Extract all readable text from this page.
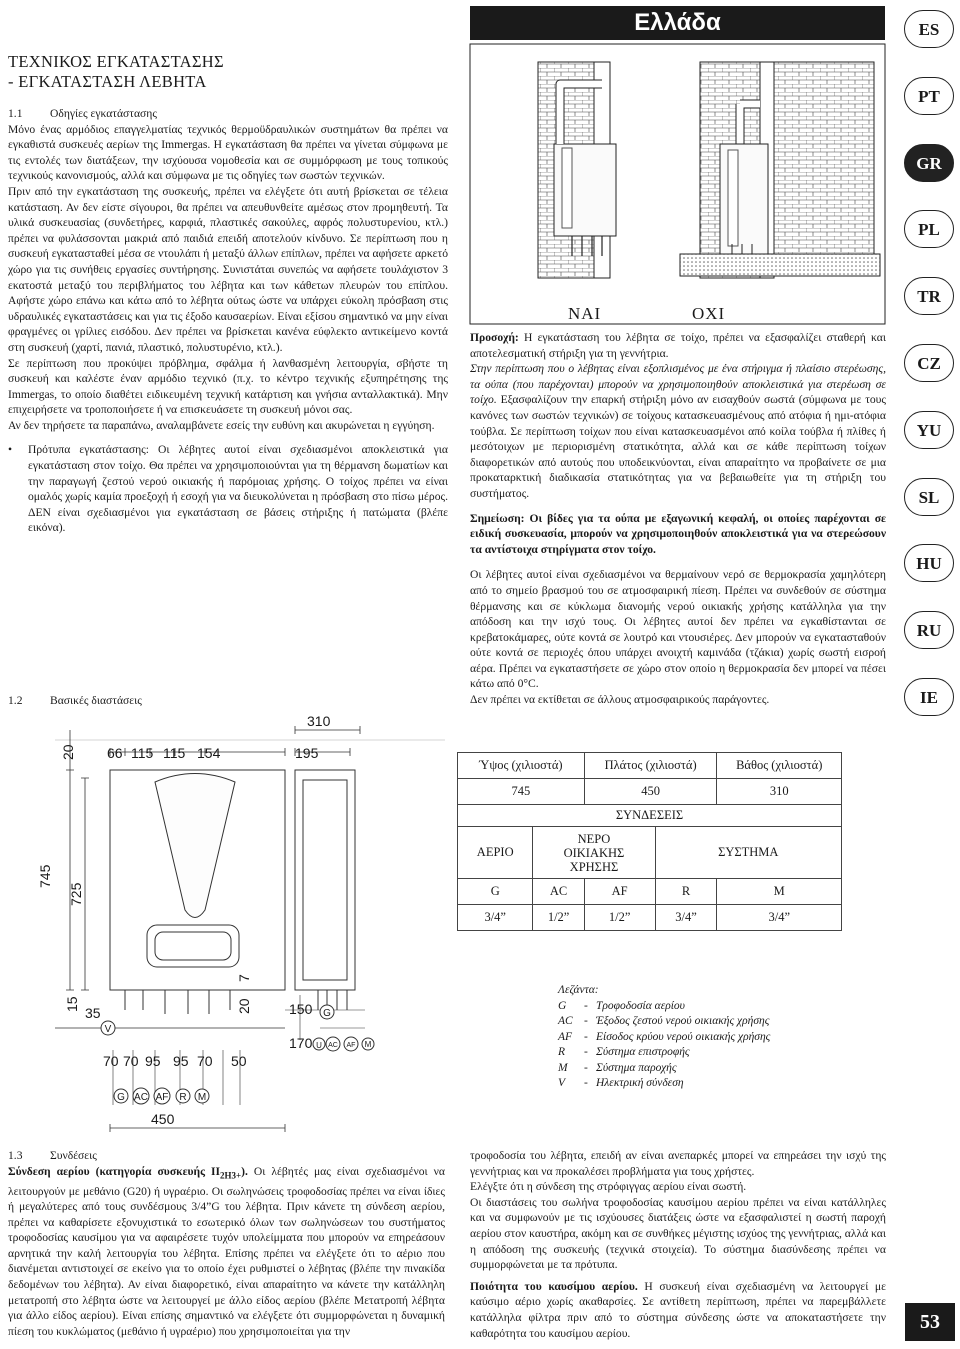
Ελλάδα	ES
PT
GR
PL
TR
CZ
YU
SL
HU
RU
IE
53
ΤΕΧΝΙΚΟΣ ΕΓΚΑΤΑΣΤΑΣΗΣ
- ΕΓΚΑΤΑΣΤΑΣΗ ΛΕΒΗΤΑ

1.1 Οδηγίες εγκατάστασης

Μόνο ένας αρμόδιος επαγγελματίας τεχνικός θερμοϋδραυλικών συστημάτων θα πρέπει να εγκαθιστά συσκευές αερίων της Immergas. Η εγκατάσταση θα πρέπει να γίνεται σύμφωνα με τις εντολές των διατάξεων, την ισχύουσα νομοθεσία και σε συμμόρφωση με τους τοπικούς τεχνικούς κανονισμούς, αλλά και σύμφωνα με τις οδηγίες των σωστών τεχνικών.

Πριν από την εγκατάσταση της συσκευής, πρέπει να ελέγξετε ότι αυτή βρίσκεται σε τέλεια κατάσταση. Αν δεν είστε σίγουροι, θα πρέπει να απευθυνθείτε αμέσως στον προμηθευτή. Τα υλικά συσκευασίας (συνδετήρες, καρφιά, πλαστικές σακούλες, αφρός πολυστυρενίου, κτλ.) πρέπει να φυλάσσονται μακριά από παιδιά επειδή αποτελούν κίνδυνο. Σε περίπτωση που η συσκευή εγκατασταθεί μέσα σε ντουλάπι ή μεταξύ άλλων επίπλων, πρέπει να αφήσετε αρκετό χώρο για τις συνήθεις εργασίες συντήρησης. Συνιστάται συνεπώς να αφήσετε τουλάχιστον 3 εκατοστά μεταξύ του περιβλήματος του λέβητα και των κάθετων πλευρών του επίπλου. Αφήστε χώρο επάνω και κάτω από το λέβητα ούτως ώστε να υπάρχει εύκολη πρόσβαση στις υδραυλικές εγκαταστάσεις και για τις έξοδο καυσαερίων. Είναι εξίσου σημαντικό να μην είναι φραγμένες οι γρίλιες εισόδου. Δεν πρέπει να βρίσκεται κανένα εύφλεκτο αντικείμενο κοντά στη συσκευή (χαρτί, πανιά, πλαστικό, πολυστυρένιο, κτλ.).

Σε περίπτωση που προκύψει πρόβλημα, σφάλμα ή λανθασμένη λειτουργία, σβήστε τη συσκευή και καλέστε έναν αρμόδιο τεχνικό (π.χ. το κέντρο τεχνικής εξυπηρέτησης της Immergas, το οποίο διαθέτει ειδικευμένη τεχνική κατάρτιση και γνήσια ανταλλακτικά). Μην επιχειρήσετε να τροποποιήσετε ή να επισκευάσετε τη συσκευή μόνοι σας.

Αν δεν τηρήσετε τα παραπάνω, αναλαμβάνετε εσείς την ευθύνη και ακυρώνεται η εγγύηση.

• Πρότυπα εγκατάστασης: Οι λέβητες αυτοί είναι σχεδιασμένοι αποκλειστικά για εγκατάσταση στον τοίχο. Θα πρέπει να χρησιμοποιούνται για τη θέρμανση δωματίων και την παραγωγή ζεστού νερού οικιακής ή παρόμοιας χρήσης. Ο τοίχος πρέπει να είναι ομαλός χωρίς καμία προεξοχή ή εσοχή για να διευκολύνεται η πρόσβαση στο πίσω μέρος. ΔΕΝ είναι σχεδιασμένοι για εγκατάσταση σε βάσεις στήριξης ή πατώματα (βλέπε εικόνα).

ΝΑΙ	ΟΧΙ

Προσοχή: Η εγκατάσταση του λέβητα σε τοίχο, πρέπει να εξασφαλίζει σταθερή και αποτελεσματική στήριξη για τη γεννήτρια.

Στην περίπτωση που ο λέβητας είναι εξοπλισμένος με ένα στήριγμα ή πλαίσιο στερέωσης, τα ούπα (που παρέχονται) μπορούν να χρησιμοποιηθούν αποκλειστικά για στερέωση σε τοίχο. Εξασφαλίζουν την επαρκή στήριξη μόνο αν εισαχθούν σωστά (σύμφωνα με τους κανόνες των σωστών τεχνικών) σε τοίχους κατασκευασμένους από ατόφια ή ημι-ατόφια τούβλα. Σε περίπτωση τοίχων που είναι κατασκευασμένοι από κοίλα τούβλα ή πλίθες ή μεσότοιχων με περιορισμένη στατικότητα, αλλά και σε κάθε περίπτωση τοίχων διαφορετικών από αυτούς που υποδεικνύονται, είναι απαραίτητο να προβαίνετε σε μια προκαταρκτική διαδικασία στατικότητας για να βεβαιωθείτε για τη στήριξη του συστήματος.

Σημείωση: Οι βίδες για τα ούπα με εξαγωνική κεφαλή, οι οποίες παρέχονται σε ειδική συσκευασία, μπορούν να χρησιμοποιηθούν αποκλειστικά για να στερεώσουν τα αντίστοιχα στηρίγματα στον τοίχο.

Οι λέβητες αυτοί είναι σχεδιασμένοι να θερμαίνουν νερό σε θερμοκρασία χαμηλότερη από το σημείο βρασμού του σε ατμοσφαιρική πίεση. Πρέπει να συνδεθούν σε σύστημα θέρμανσης και σε κύκλωμα διανομής νερού οικιακής χρήσης κατάλληλα για την απόδοση και την ισχύ τους. Οι λέβητες αυτοί δεν πρέπει να εγκαθίστανται σε κρεβατοκάμαρες, ούτε κοντά σε λουτρό και ντουσιέρες. Δεν μπορούν να εγκατασταθούν ούτε κοντά σε περιοχές όπου υπάρχει ανοιχτή καμινάδα (τζάκια) χωρίς σωστή εισροή αέρα. Πρέπει να εγκαταστήσετε σε χώρο στον οποίο η θερμοκρασία δεν μπορεί να πέσει κάτω από 0°C.

Δεν πρέπει να εκτίθεται σε άλλους ατμοσφαιρικούς παράγοντες.

1.2 Βασικές διαστάσεις

20
745
725
66 115 115 154
310
195
15
35	20
7
150
170
70 70 95 95 70 50
450
V
G AC AF R M
G
U AC AF M
Ύψος (χιλιοστά)		Πλάτος (χιλιοστά)		Βάθος (χιλιοστά)
745		450		310
ΣΥΝΔΕΣΕΙΣ				
ΑΕΡΙΟ	ΝΕΡΟ
ΟΙΚΙΑΚΗΣ
ΧΡΗΣΗΣ		ΣΥΣΤΗΜΑ	
G	AC	AF	R	M
3/4”	1/2”	1/2”	3/4”	3/4”
Λεζάντα:
G - Τροφοδοσία αερίου
AC - Έξοδος ζεστού νερού οικιακής χρήσης
AF - Είσοδος κρύου νερού οικιακής χρήσης
R - Σύστημα επιστροφής
M - Σύστημα παροχής
V - Ηλεκτρική σύνδεση

1.3 Συνδέσεις

Σύνδεση αερίου (κατηγορία συσκευής $II_{2H3+}$). Οι λέβητές μας είναι σχεδιασμένοι να λειτουργούν με μεθάνιο (G20) ή υγραέριο. Οι σωληνώσεις τροφοδοσίας πρέπει να είναι ίδιες ή μεγαλύτερες από τους συνδέσμους 3/4”G του λέβητα. Πριν κάνετε τη σύνδεση αερίου, πρέπει να καθαρίσετε εξονυχιστικά το εσωτερικό όλων των σωληνώσεων του συστήματος τροφοδοσίας καυσίμου για να αφαιρέσετε τυχόν υπολείμματα που μπορούν να επηρεάσουν αρνητικά την καλή λειτουργία του λέβητα. Επίσης πρέπει να ελέγξετε ότι το αέριο που διανέμεται αντιστοιχεί σε εκείνο για το οποίο έχει ρυθμιστεί ο λέβητας (βλέπε την πινακίδα δεδομένων του λέβητα). Αν είναι διαφορετικό, είναι απαραίτητο να κάνετε την κατάλληλη μετατροπή στο λέβητα ώστε να λειτουργεί με άλλο είδος αερίου (βλέπε Μετατροπή λέβητα για άλλο είδος αερίου). Είναι επίσης σημαντικό να ελέγξετε ότι συμμορφώνεται η δυναμική πίεση του κυκλώματος (μεθάνιο ή υγραέριο) που χρησιμοποιείται για την

τροφοδοσία του λέβητα, επειδή αν είναι ανεπαρκές μπορεί να επηρεάσει την ισχύ της γεννήτριας και να προκαλέσει προβλήματα για τους χρήστες.

Ελέγξτε ότι η σύνδεση της στρόφιγγας αερίου είναι σωστή.

Οι διαστάσεις του σωλήνα τροφοδοσίας καυσίμου αερίου πρέπει να είναι κατάλληλες και να συμφωνούν με τις ισχύουσες διατάξεις ώστε να εξασφαλιστεί η σωστή παροχή αερίου στον καυστήρα, ακόμη και σε συνθήκες μέγιστης ισχύος της γεννήτριας, αλλά και η απόδοση της συσκευής (τεχνικά στοιχεία). Το σύστημα διασύνδεσης πρέπει να συμμορφώνεται με τα πρότυπα.

Ποιότητα του καυσίμου αερίου. Η συσκευή είναι σχεδιασμένη να λειτουργεί με καύσιμο αέριο χωρίς ακαθαρσίες. Σε αντίθετη περίπτωση, πρέπει να παρεμβάλλετε κατάλληλα φίλτρα πριν από το σύστημα σύνδεσης ώστε να αποκαταστήσετε την καθαρότητα του καυσίμου αερίου.
